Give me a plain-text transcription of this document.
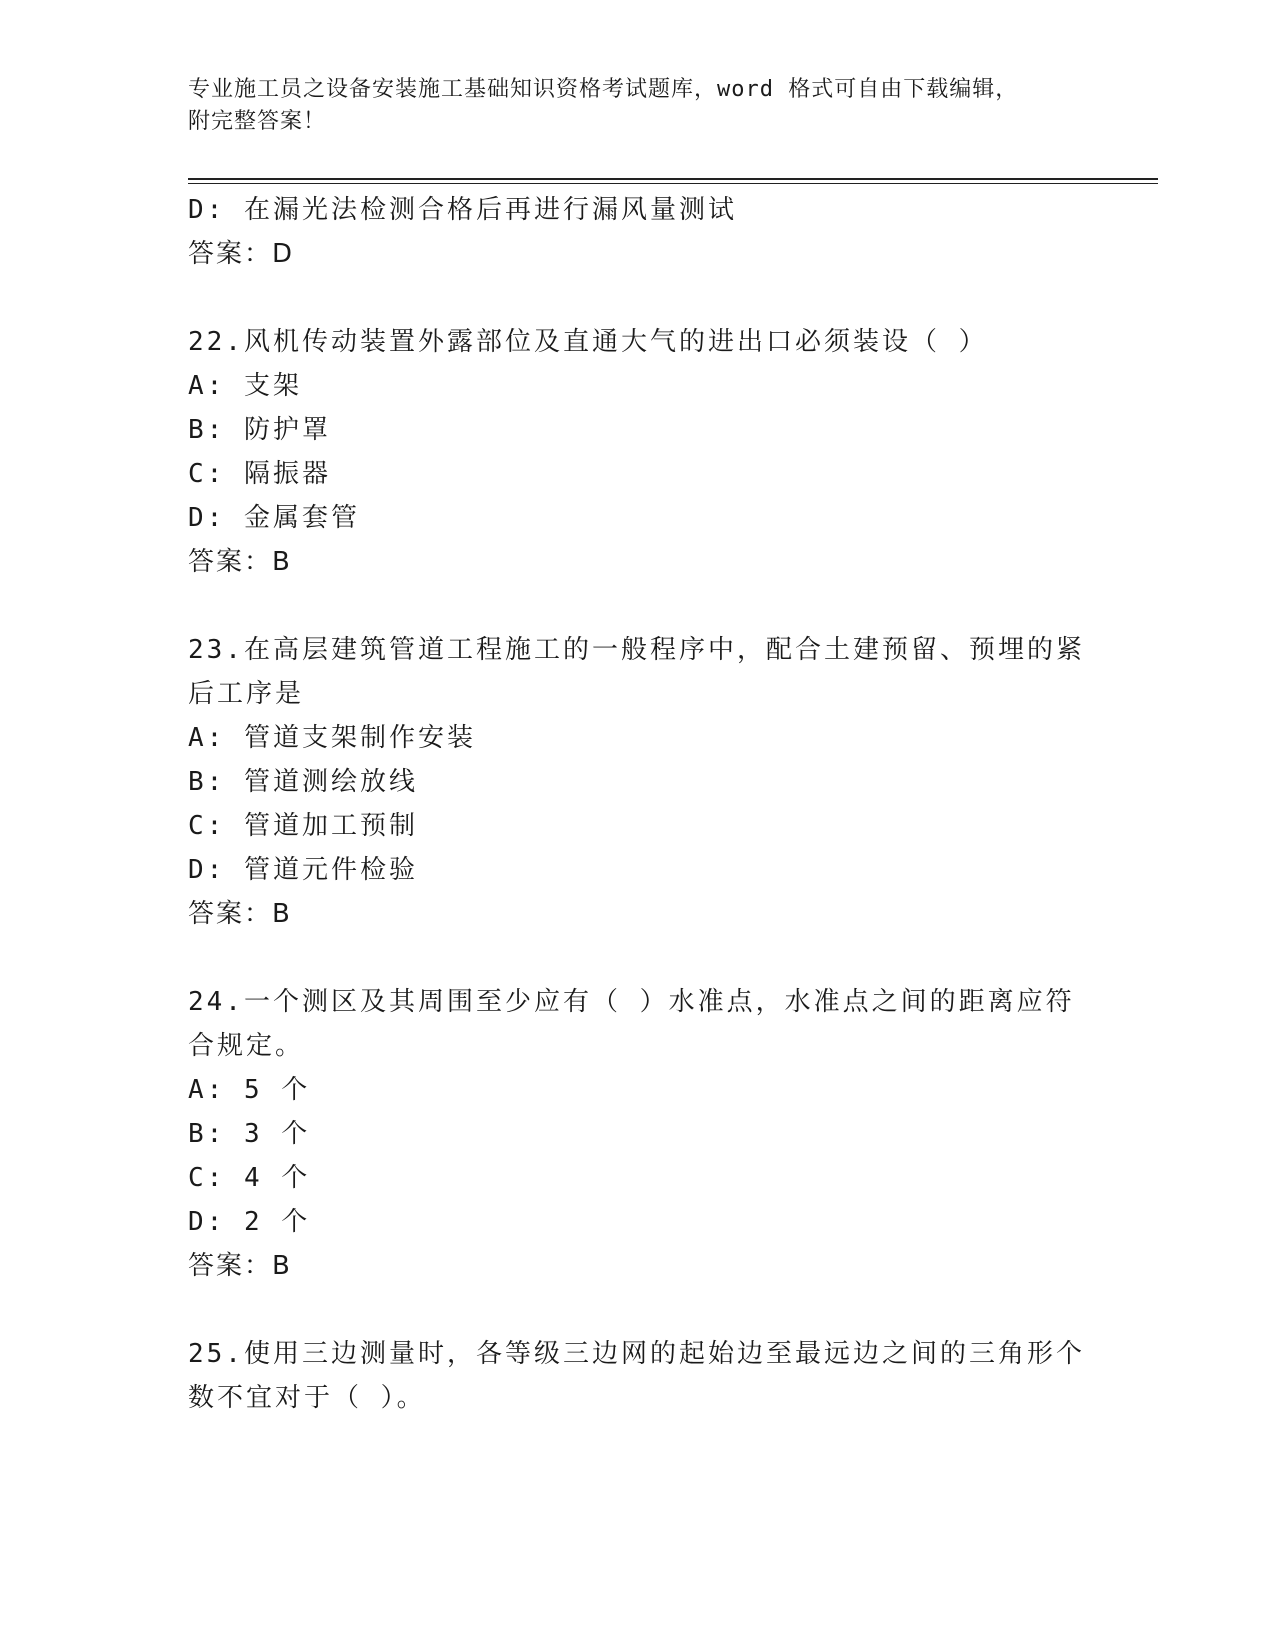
专业施工员之设备安装施工基础知识资格考试题库，word 格式可自由下载编辑，
附完整答案！
D: 在漏光法检测合格后再进行漏风量测试
答案：D
22.风机传动装置外露部位及直通大气的进出口必须装设（ ）
A: 支架
B: 防护罩
C: 隔振器
D: 金属套管
答案：B
23.在高层建筑管道工程施工的一般程序中，配合土建预留、预埋的紧
后工序是
A: 管道支架制作安装
B: 管道测绘放线
C: 管道加工预制
D: 管道元件检验
答案：B
24.一个测区及其周围至少应有（ ）水准点，水准点之间的距离应符
合规定。
A: 5 个
B: 3 个
C: 4 个
D: 2 个
答案：B
25.使用三边测量时，各等级三边网的起始边至最远边之间的三角形个
数不宜对于（ ）。
